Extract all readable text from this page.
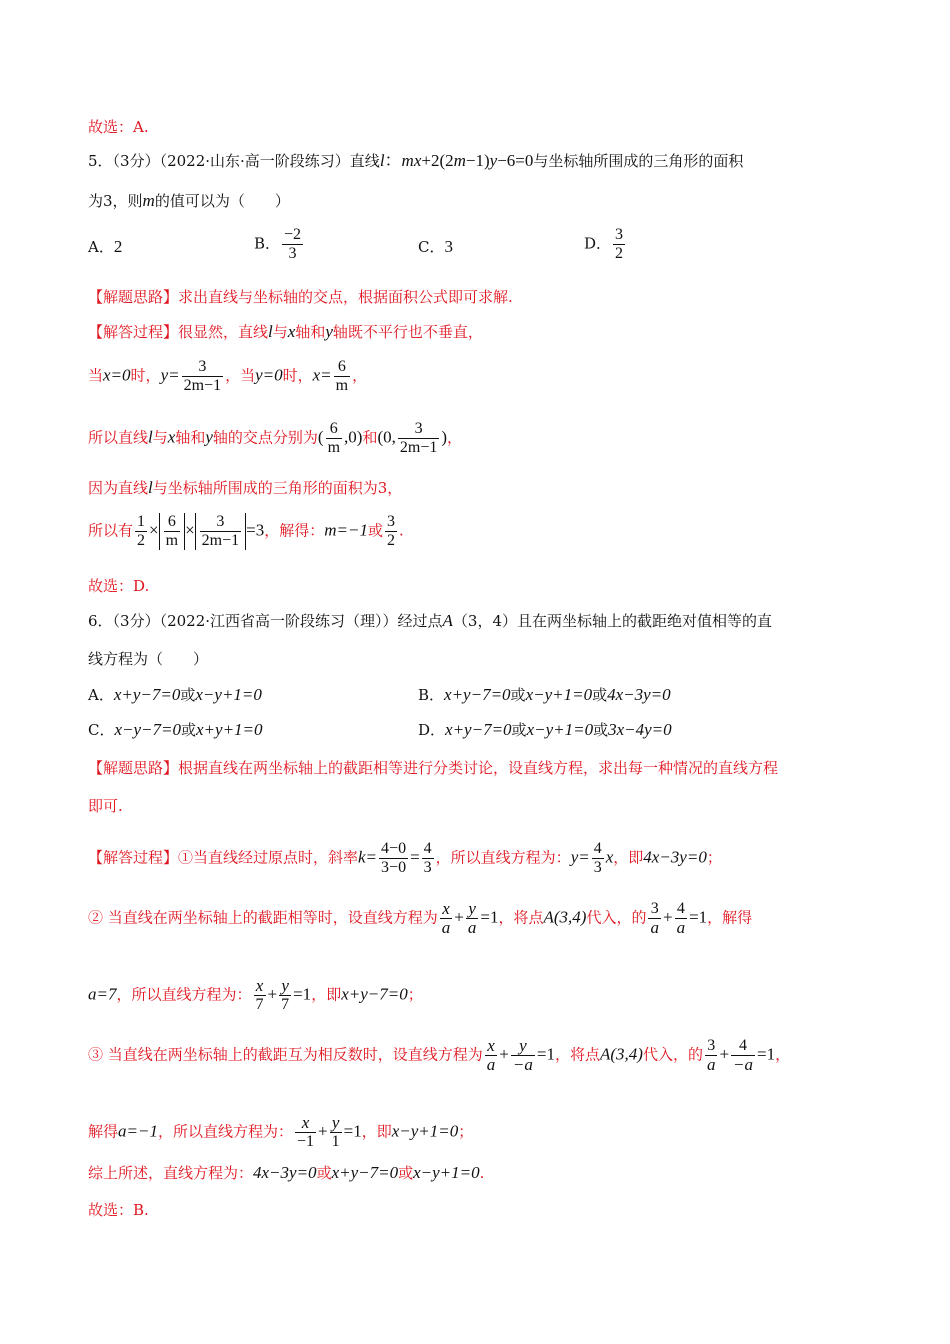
故选：A.
5．（3分）（2022·山东·高一阶段练习）直线l：mx+2(2m−1)y−6=0与坐标轴所围成的三角形的面积
为3，则m的值可以为（　　）
A．2	B． $\frac{-2}{3}$	C．3	D． $\frac{3}{2}$
【解题思路】求出直线与坐标轴的交点，根据面积公式即可求解.
【解答过程】很显然，直线l与x轴和y轴既不平行也不垂直，
当x=0时，$y= \frac{3}{2m-1}$ ，当y=0时，$x= \frac{6}{m}$ ，
所以直线l与x轴和y轴的交点分别为( $\frac{6}{m} ,0$)和(0, $\frac{3}{2m-1}$ )，
因为直线l与坐标轴所围成的三角形的面积为3，
所以有 $\frac{1}{2} \times \frac{6}{m} \times \frac{3}{2m-1} =3$，解得：m=−1或 $\frac{3}{2}$ .
故选：D.
6．（3分）（2022·江西省高一阶段练习（理））经过点A（3，4）且在两坐标轴上的截距绝对值相等的直
线方程为（　　）
A．x+y−7=0或x−y+1=0	B．x+y−7=0或x−y+1=0或4x−3y=0
C．x−y−7=0或x+y+1=0	D．x+y−7=0或x−y+1=0或3x−4y=0
【解题思路】根据直线在两坐标轴上的截距相等进行分类讨论，设直线方程，求出每一种情况的直线方程
即可.
【解答过程】①当直线经过原点时，斜率$k= \frac{4-0}{3-0} = \frac{4}{3}$ ，所以直线方程为：$y= \frac{4}{3}$ x，即4x−3y=0；
② 当直线在两坐标轴上的截距相等时，设直线方程为 $\frac{x}{a} + \frac{y}{a} =1$，将点A(3,4)代入，的 $\frac{3}{a} + \frac{4}{a} =1$，解得
a=7，所以直线方程为： $\frac{x}{7} + \frac{y}{7} =1$，即x+y−7=0；
③ 当直线在两坐标轴上的截距互为相反数时，设直线方程为 $\frac{x}{a} + \frac{y}{-a} =1$，将点A(3,4)代入，的 $\frac{3}{a} + \frac{4}{-a} =1$，
解得a=−1，所以直线方程为： $\frac{x}{-1} + \frac{y}{1} =1$，即x−y+1=0；
综上所述，直线方程为：4x−3y=0或x+y−7=0或x−y+1=0.
故选：B.
